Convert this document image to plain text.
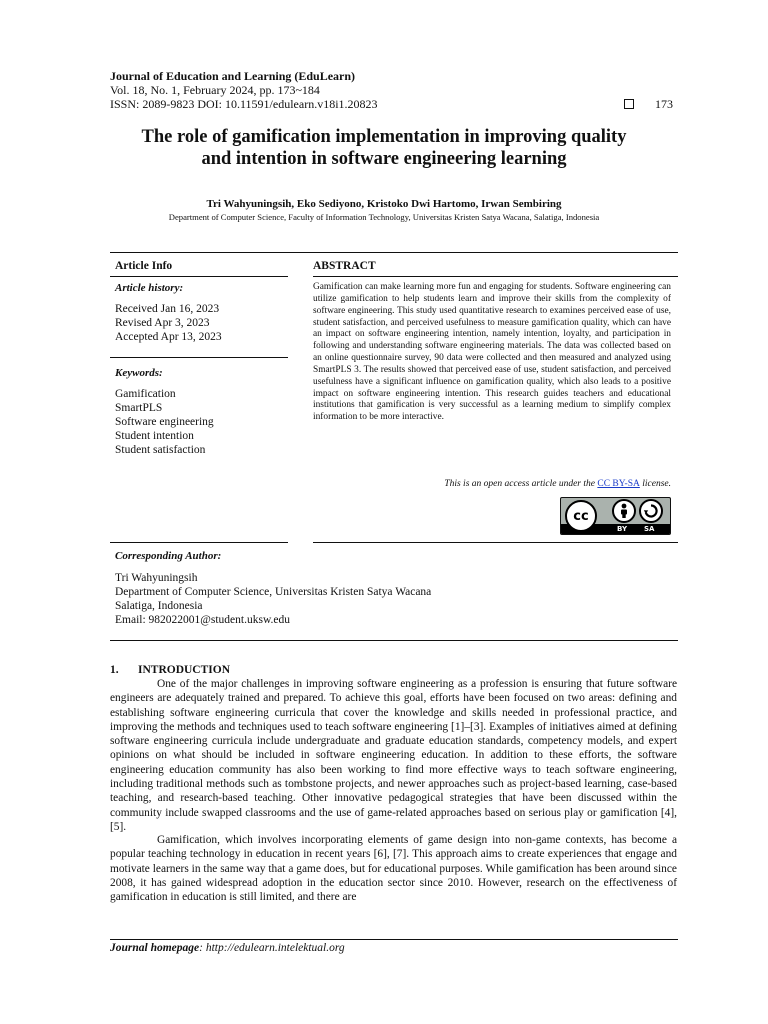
Journal of Education and Learning (EduLearn)
Vol. 18, No. 1, February 2024, pp. 173~184
ISSN: 2089-9823 DOI: 10.11591/edulearn.v18i1.20823	173
The role of gamification implementation in improving quality
and intention in software engineering learning
Tri Wahyuningsih, Eko Sediyono, Kristoko Dwi Hartomo, Irwan Sembiring
Department of Computer Science, Faculty of Information Technology, Universitas Kristen Satya Wacana, Salatiga, Indonesia
Article Info	ABSTRACT
Article history:
Received Jan 16, 2023
Revised Apr 3, 2023
Accepted Apr 13, 2023
Keywords:
Gamification
SmartPLS
Software engineering
Student intention
Student satisfaction
Gamification can make learning more fun and engaging for students. Software engineering can utilize gamification to help students learn and improve their skills from the complexity of software engineering. This study used quantitative research to examines perceived ease of use, student satisfaction, and perceived usefulness to measure gamification quality, which can have an impact on software engineering intention, namely intention, loyalty, and participation in following and understanding software engineering materials. The data was collected based on an online questionnaire survey, 90 data were collected and then measured and analyzed using SmartPLS 3. The results showed that perceived ease of use, student satisfaction, and perceived usefulness have a significant influence on gamification quality, which also leads to a positive impact on software engineering intention. This research guides teachers and educational institutions that gamification is very successful as a learning medium to simplify complex information to be more interactive.
This is an open access article under the CC BY-SA license.
cc
BY SA
Corresponding Author:
Tri Wahyuningsih
Department of Computer Science, Universitas Kristen Satya Wacana
Salatiga, Indonesia
Email: 982022001@student.uksw.edu
1. INTRODUCTION

One of the major challenges in improving software engineering as a profession is ensuring that future software engineers are adequately trained and prepared. To achieve this goal, efforts have been focused on two areas: defining and establishing software engineering curricula that cover the knowledge and skills needed in professional practice, and improving the methods and techniques used to teach software engineering [1]–[3]. Examples of initiatives aimed at defining software engineering curricula include undergraduate and graduate education standards, competency models, and expert opinions on what should be included in software engineering education. In addition to these efforts, the software engineering education community has also been working to find more effective ways to teach software engineering, including traditional methods such as tombstone projects, and newer approaches such as project-based learning, case-based teaching, and research-based teaching. Other innovative pedagogical strategies that have been discussed within the community include swapped classrooms and the use of game-related approaches based on serious play or gamification [4], [5].

Gamification, which involves incorporating elements of game design into non-game contexts, has become a popular teaching technology in education in recent years [6], [7]. This approach aims to create experiences that engage and motivate learners in the same way that a game does, but for educational purposes. While gamification has been around since 2008, it has gained widespread adoption in the education sector since 2010. However, research on the effectiveness of gamification in education is still limited, and there are

Journal homepage: http://edulearn.intelektual.org
